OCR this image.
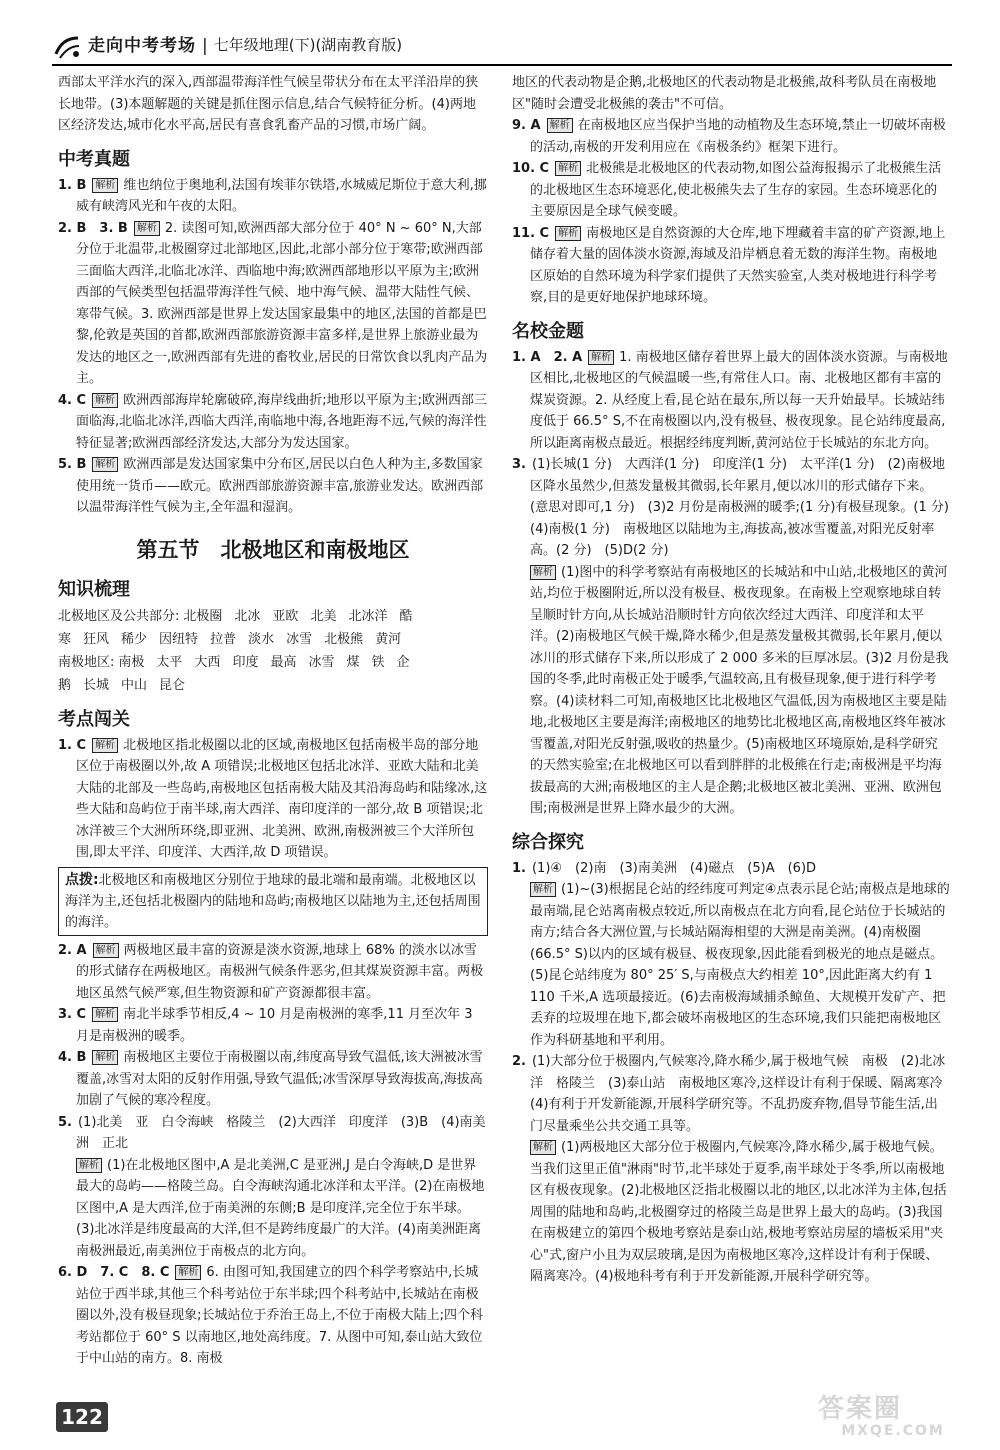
走向中考考场 | 七年级地理(下)(湖南教育版)

西部太平洋水汽的深入,西部温带海洋性气候呈带状分布在太平洋沿岸的狭长地带。(3)本题解题的关键是抓住图示信息,结合气候特征分析。(4)两地区经济发达,城市化水平高,居民有喜食乳畜产品的习惯,市场广阔。

中考真题

1. B 解析 维也纳位于奥地利,法国有埃菲尔铁塔,水城威尼斯位于意大利,挪威有峡湾风光和午夜的太阳。

2. B　3. B 解析 2. 读图可知,欧洲西部大部分位于 40° N ~ 60° N,大部分位于北温带,北极圈穿过北部地区,因此,北部小部分位于寒带;欧洲西部三面临大西洋,北临北冰洋、西临地中海;欧洲西部地形以平原为主;欧洲西部的气候类型包括温带海洋性气候、地中海气候、温带大陆性气候、寒带气候。3. 欧洲西部是世界上发达国家最集中的地区,法国的首都是巴黎,伦敦是英国的首都,欧洲西部旅游资源丰富多样,是世界上旅游业最为发达的地区之一,欧洲西部有先进的畜牧业,居民的日常饮食以乳肉产品为主。

4. C 解析 欧洲西部海岸轮廓破碎,海岸线曲折;地形以平原为主;欧洲西部三面临海,北临北冰洋,西临大西洋,南临地中海,各地距海不远,气候的海洋性特征显著;欧洲西部经济发达,大部分为发达国家。

5. B 解析 欧洲西部是发达国家集中分布区,居民以白色人种为主,多数国家使用统一货币——欧元。欧洲西部旅游资源丰富,旅游业发达。欧洲西部以温带海洋性气候为主,全年温和湿润。

第五节　北极地区和南极地区
知识梳理
北极地区及公共部分: 北极圈 北冰 亚欧 北美 北冰洋 酷
寒 狂风 稀少 因纽特 拉普 淡水 冰雪 北极熊 黄河
南极地区: 南极 太平 大西 印度 最高 冰雪 煤 铁 企
鹅 长城 中山 昆仑
考点闯关

1. C 解析 北极地区指北极圈以北的区域,南极地区包括南极半岛的部分地区位于南极圈以外,故 A 项错误;北极地区包括北冰洋、亚欧大陆和北美大陆的北部及一些岛屿,南极地区包括南极大陆及其沿海岛屿和陆缘冰,这些大陆和岛屿位于南半球,南大西洋、南印度洋的一部分,故 B 项错误;北冰洋被三个大洲所环绕,即亚洲、北美洲、欧洲,南极洲被三个大洋所包围,即太平洋、印度洋、大西洋,故 D 项错误。

点拨:北极地区和南极地区分别位于地球的最北端和最南端。北极地区以海洋为主,还包括北极圈内的陆地和岛屿;南极地区以陆地为主,还包括周围的海洋。

2. A 解析 两极地区最丰富的资源是淡水资源,地球上 68% 的淡水以冰雪的形式储存在两极地区。南极洲气候条件恶劣,但其煤炭资源丰富。两极地区虽然气候严寒,但生物资源和矿产资源都很丰富。

3. C 解析 南北半球季节相反,4 ~ 10 月是南极洲的寒季,11 月至次年 3 月是南极洲的暖季。

4. B 解析 南极地区主要位于南极圈以南,纬度高导致气温低,该大洲被冰雪覆盖,冰雪对太阳的反射作用强,导致气温低;冰雪深厚导致海拔高,海拔高加剧了气候的寒冷程度。

5. (1)北美　亚　白令海峡　格陵兰　(2)大西洋　印度洋　(3)B　(4)南美洲　正北

解析 (1)在北极地区图中,A 是北美洲,C 是亚洲,J 是白令海峡,D 是世界最大的岛屿——格陵兰岛。白令海峡沟通北冰洋和太平洋。(2)在南极地区图中,A 是大西洋,位于南美洲的东侧;B 是印度洋,完全位于东半球。(3)北冰洋是纬度最高的大洋,但不是跨纬度最广的大洋。(4)南美洲距离南极洲最近,南美洲位于南极点的北方向。

6. D　7. C　8. C 解析 6. 由图可知,我国建立的四个科学考察站中,长城站位于西半球,其他三个科考站位于东半球;四个科考站中,长城站在南极圈以外,没有极昼现象;长城站位于乔治王岛上,不位于南极大陆上;四个科考站都位于 60° S 以南地区,地处高纬度。7. 从图中可知,泰山站大致位于中山站的南方。8. 南极

地区的代表动物是企鹅,北极地区的代表动物是北极熊,故科考队员在南极地区"随时会遭受北极熊的袭击"不可信。

9. A 解析 在南极地区应当保护当地的动植物及生态环境,禁止一切破坏南极的活动,南极的开发利用应在《南极条约》框架下进行。

10. C 解析 北极熊是北极地区的代表动物,如图公益海报揭示了北极熊生活的北极地区生态环境恶化,使北极熊失去了生存的家园。生态环境恶化的主要原因是全球气候变暖。

11. C 解析 南极地区是自然资源的大仓库,地下埋藏着丰富的矿产资源,地上储存着大量的固体淡水资源,海域及沿岸栖息着无数的海洋生物。南极地区原始的自然环境为科学家们提供了天然实验室,人类对极地进行科学考察,目的是更好地保护地球环境。

名校金题

1. A　2. A 解析 1. 南极地区储存着世界上最大的固体淡水资源。与南极地区相比,北极地区的气候温暖一些,有常住人口。南、北极地区都有丰富的煤炭资源。2. 从经度上看,昆仑站在最东,所以每一天升始最早。长城站纬度低于 66.5° S,不在南极圈以内,没有极昼、极夜现象。昆仑站纬度最高,所以距离南极点最近。根据经纬度判断,黄河站位于长城站的东北方向。

3. (1)长城(1 分)　大西洋(1 分)　印度洋(1 分)　太平洋(1 分)　(2)南极地区降水虽然少,但蒸发量极其微弱,长年累月,便以冰川的形式储存下来。(意思对即可,1 分)　(3)2 月份是南极洲的暖季;(1 分)有极昼现象。(1 分)　(4)南极(1 分)　南极地区以陆地为主,海拔高,被冰雪覆盖,对阳光反射率高。(2 分)　(5)D(2 分)

解析 (1)图中的科学考察站有南极地区的长城站和中山站,北极地区的黄河站,均位于极圈附近,所以没有极昼、极夜现象。在南极上空观察地球自转呈顺时针方向,从长城站沿顺时针方向依次经过大西洋、印度洋和太平洋。(2)南极地区气候干燥,降水稀少,但是蒸发量极其微弱,长年累月,便以冰川的形式储存下来,所以形成了 2 000 多米的巨厚冰层。(3)2 月份是我国的冬季,此时南极正处于暖季,气温较高,且有极昼现象,便于进行科学考察。(4)读材料二可知,南极地区比北极地区气温低,因为南极地区主要是陆地,北极地区主要是海洋;南极地区的地势比北极地区高,南极地区终年被冰雪覆盖,对阳光反射强,吸收的热量少。(5)南极地区环境原始,是科学研究的天然实验室;在北极地区可以看到胖胖的北极熊在行走;南极洲是平均海拔最高的大洲;南极地区的主人是企鹅;北极地区被北美洲、亚洲、欧洲包围;南极洲是世界上降水最少的大洲。

综合探究

1. (1)④　(2)南　(3)南美洲　(4)磁点　(5)A　(6)D

解析 (1)~(3)根据昆仑站的经纬度可判定④点表示昆仑站;南极点是地球的最南端,昆仑站离南极点较近,所以南极点在北方向看,昆仑站位于长城站的南方;结合各大洲位置,与长城站隔海相望的大洲是南美洲。(4)南极圈(66.5° S)以内的区域有极昼、极夜现象,因此能看到极光的地点是磁点。(5)昆仑站纬度为 80° 25′ S,与南极点大约相差 10°,因此距离大约有 1 110 千米,A 选项最接近。(6)去南极海域捕杀鲸鱼、大规模开发矿产、把丢弃的垃圾埋在地下,都会破坏南极地区的生态环境,我们只能把南极地区作为科研基地和平利用。

2. (1)大部分位于极圈内,气候寒冷,降水稀少,属于极地气候　南极　(2)北冰洋　格陵兰　(3)泰山站　南极地区寒冷,这样设计有利于保暖、隔离寒冷　(4)有利于开发新能源,开展科学研究等。不乱扔废弃物,倡导节能生活,出门尽量乘坐公共交通工具等。

解析 (1)两极地区大部分位于极圈内,气候寒冷,降水稀少,属于极地气候。当我们这里正值"淋雨"时节,北半球处于夏季,南半球处于冬季,所以南极地区有极夜现象。(2)北极地区泛指北极圈以北的地区,以北冰洋为主体,包括周围的陆地和岛屿,北极圈穿过的格陵兰岛是世界上最大的岛屿。(3)我国在南极建立的第四个极地考察站是泰山站,极地考察站房屋的墙板采用"夹心"式,窗户小且为双层玻璃,是因为南极地区寒冷,这样设计有利于保暖、隔离寒冷。(4)极地科考有利于开发新能源,开展科学研究等。

122	答案圈
MXQE.COM
